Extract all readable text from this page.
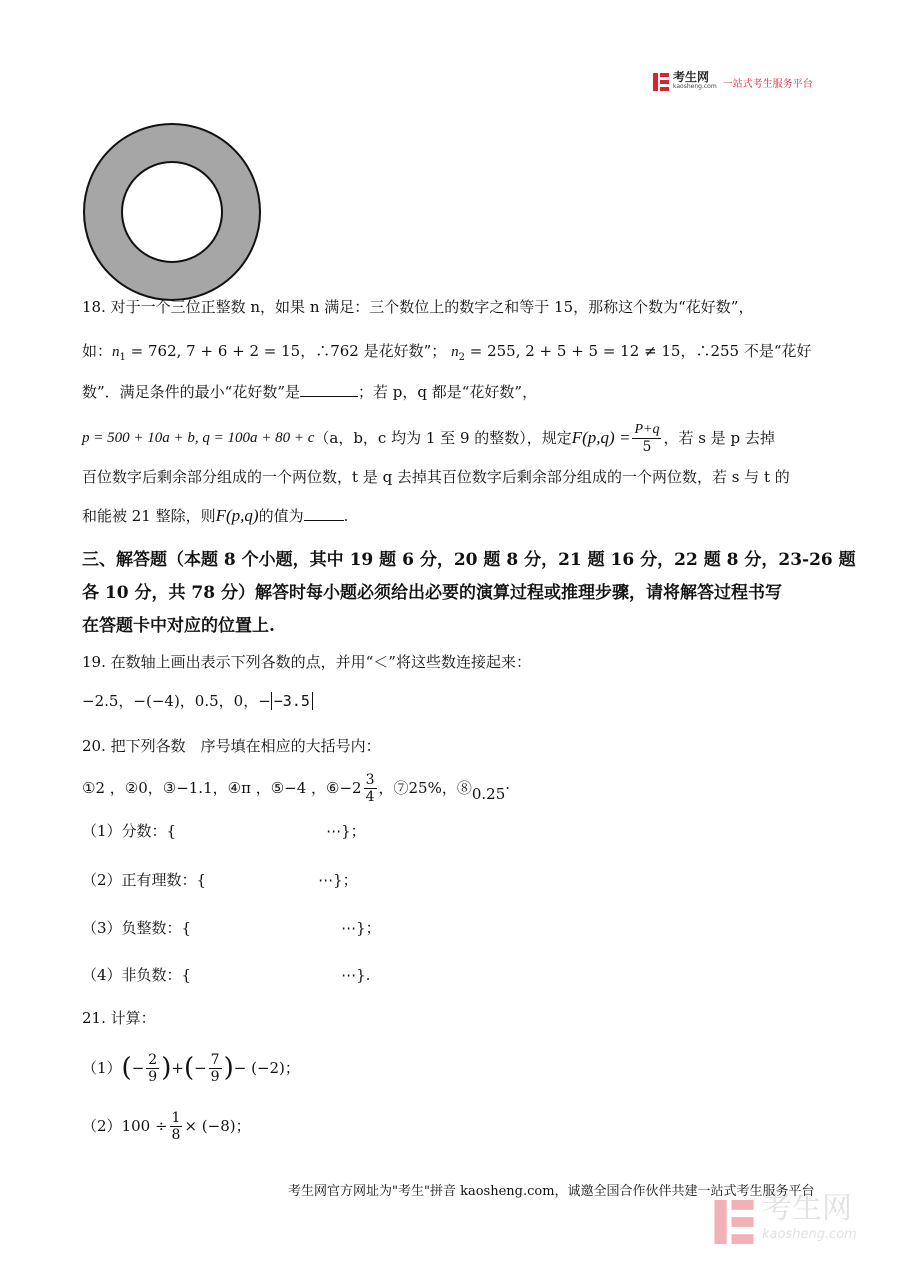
考生网
kaosheng.com 一站式考生服务平台
18. 对于一个三位正整数 n，如果 n 满足：三个数位上的数字之和等于 15，那称这个数为“花好数”，
如：$n_1 = 762$, 7 + 6 + 2 = 15，∴762 是花好数”； $n_2 = 255$, 2 + 5 + 5 = 12 ≠ 15，∴255 不是“花好
数”．满足条件的最小“花好数”是	；若 p，q 都是“花好数”，
p = 500 + 10a + b, q = 100a + 80 + c （a，b，c 均为 1 至 9 的整数），规定 $F(p,q) = \frac{P+q}{5}$ ，若 s 是 p 去掉
百位数字后剩余部分组成的一个两位数，t 是 q 去掉其百位数字后剩余部分组成的一个两位数，若 s 与 t 的
和能被 21 整除，则F(p,q)的值为	.
三、解答题（本题 8 个小题，其中 19 题 6 分，20 题 8 分，21 题 16 分，22 题 8 分，23-26 题
各 10 分，共 78 分）解答时每小题必须给出必要的演算过程或推理步骤，请将解答过程书写
在答题卡中对应的位置上.
19. 在数轴上画出表示下列各数的点，并用“＜”将这些数连接起来：
−2.5，−(−4)，0.5，0，− −3.5
20. 把下列各数　序号填在相应的大括号内：
①2 ，②0，③−1.1，④π ，⑤−4 ，⑥−2 $\frac{3}{4}$ ，⑦25%，⑧ 0.25 ·
（1）分数：{	⋯}；
（2）正有理数：{	⋯}；
（3）负整数：{	⋯}；
（4）非负数：{	⋯}.
21. 计算：
（1） ( − $\frac{2}{9}$ ) + ( − $\frac{7}{9}$ ) − (−2)；
（2） $100 \div \frac{1}{8} \times (-8)$；
考生网官方网址为"考生"拼音 kaosheng.com，诚邀全国合作伙伴共建一站式考生服务平台
考生网
kaosheng.com
